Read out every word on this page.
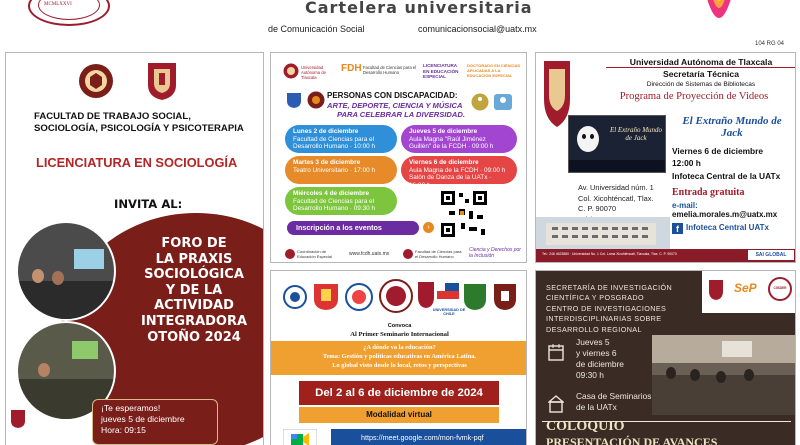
MCMLXXVI	Cartelera universitaria
de Comunicación Social	comunicacionsocial@uatx.mx
104 RG 04
FACULTAD DE TRABAJO SOCIAL, SOCIOLOGÍA, PSICOLOGÍA Y PSICOTERAPIA
LICENCIATURA EN SOCIOLOGÍA
INVITA AL:
FORO DE
LA PRAXIS
SOCIOLÓGICA
Y DE LA
ACTIVIDAD
INTEGRADORA
OTOÑO 2024
¡Te esperamos!
jueves 5 de diciembre
Hora: 09:15
Universidad Autónoma de Tlaxcala
FDH Facultad de Ciencias para el Desarrollo Humano
LICENCIATURA EN EDUCACIÓN ESPECIAL
DOCTORADO EN CIENCIAS APLICADAS A LA EDUCACIÓN ESPECIAL
PERSONAS CON DISCAPACIDAD:
ARTE, DEPORTE, CIENCIA Y MÚSICA
PARA CELEBRAR LA DIVERSIDAD.
Lunes 2 de diciembre
Facultad de Ciencias para el Desarrollo Humano · 10:00 h
Jueves 5 de diciembre
Aula Magna "Raúl Jiménez Guillén" de la FCDH · 09:00 h
Martes 3 de diciembre
Teatro Universitario · 17:00 h
Viernes 6 de diciembre
Aula Magna de la FCDH · 09:00 h Salón de Danza de la UATx · 16:00 h
Miércoles 4 de diciembre
Facultad de Ciencias para el Desarrollo Humano · 09:30 h
Inscripción a los eventos	›
Coordinación de Educación Especial	www.fcdh.uatx.mx	Facultad de Ciencias para el Desarrollo Humano
Ciencia y Derechos por la Inclusión
UNIVERSIDAD DE CHILE
Convoca
Al Primer Seminario Internacional
¿A dónde va la educación?
Tema: Gestión y políticas educativas en América Latina.
Lo global visto desde lo local, retos y perspectivas
Del 2 al 6 de diciembre de 2024
Modalidad virtual
https://meet.google.com/mon-fvmk-pqf
Universidad Autónoma de Tlaxcala
Secretaría Técnica
Dirección de Sistemas de Bibliotecas
Programa de Proyección de Videos
El Extraño Mundo de Jack
El Extraño Mundo de Jack
Viernes 6 de diciembre
12:00 h
Infoteca Central de la UATx
Av. Universidad núm. 1
Col. Xicohténcatl, Tlax.
C. P. 90070
Entrada gratuita
e-mail:
emelia.morales.m@uatx.mx
f Infoteca Central UATx
Tel.: 246 4623880 · Universidad No. 1 Col. Loma Xicohténcatl, Tlaxcala, Tlax. C. P. 90070	SAI GLOBAL
SeP	CIISDER
SECRETARÍA DE INVESTIGACIÓN
CIENTÍFICA Y POSGRADO
CENTRO DE INVESTIGACIONES
INTERDISCIPLINARIAS SOBRE
DESARROLLO REGIONAL
Jueves 5
y viernes 6
de diciembre
09:30 h
Casa de Seminarios
de la UATx
COLOQUIO
PRESENTACIÓN DE AVANCES
